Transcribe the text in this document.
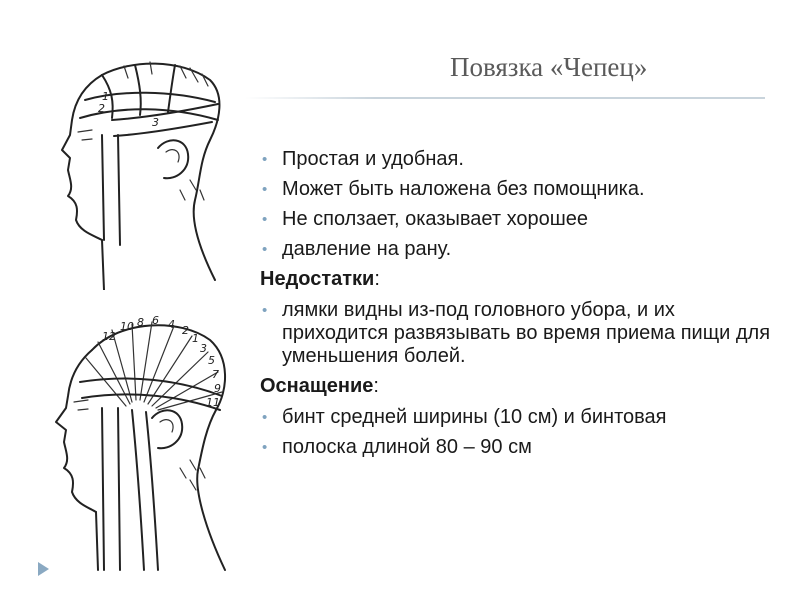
1
2
3
12
10 8 6 4 2
1
3
5
7
9
11
Повязка «Чепец»
• Простая и удобная.
• Может быть наложена без помощника.
• Не сползает, оказывает хорошее
• давление на рану.
Недостатки:
• лямки видны из-под головного убора, и их приходится развязывать во время приема пищи для уменьшения болей.
Оснащение:
• бинт средней ширины (10 см) и бинтовая
• полоска длиной 80 – 90 см
